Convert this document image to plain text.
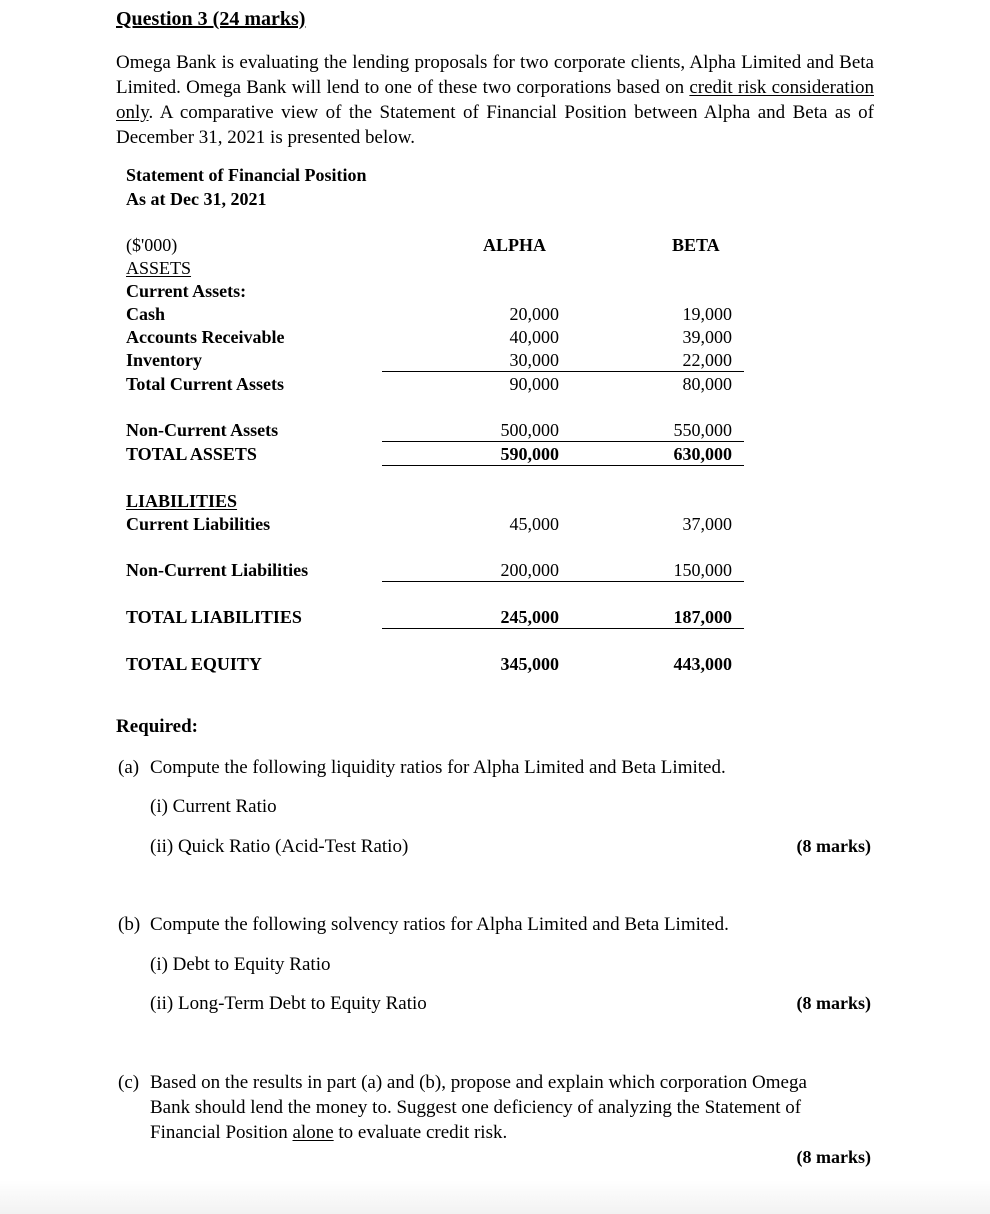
Question 3 (24 marks)
Omega Bank is evaluating the lending proposals for two corporate clients, Alpha Limited and Beta Limited. Omega Bank will lend to one of these two corporations based on credit risk consideration only. A comparative view of the Statement of Financial Position between Alpha and Beta as of December 31, 2021 is presented below.
Statement of Financial Position
As at Dec 31, 2021
($'000)	ALPHA	BETA
ASSETS
Current Assets:
Cash	20,000	19,000
Accounts Receivable	40,000	39,000
Inventory	30,000	22,000
Total Current Assets	90,000	80,000
Non-Current Assets	500,000	550,000
TOTAL ASSETS	590,000	630,000
LIABILITIES
Current Liabilities	45,000	37,000
Non-Current Liabilities	200,000	150,000
TOTAL LIABILITIES	245,000	187,000
TOTAL EQUITY	345,000	443,000
Required:
(a) Compute the following liquidity ratios for Alpha Limited and Beta Limited.
(i) Current Ratio
(ii) Quick Ratio (Acid-Test Ratio)	(8 marks)
(b) Compute the following solvency ratios for Alpha Limited and Beta Limited.
(i) Debt to Equity Ratio
(ii) Long-Term Debt to Equity Ratio	(8 marks)
(c) Based on the results in part (a) and (b), propose and explain which corporation Omega
Bank should lend the money to. Suggest one deficiency of analyzing the Statement of
Financial Position alone to evaluate credit risk.
(8 marks)
